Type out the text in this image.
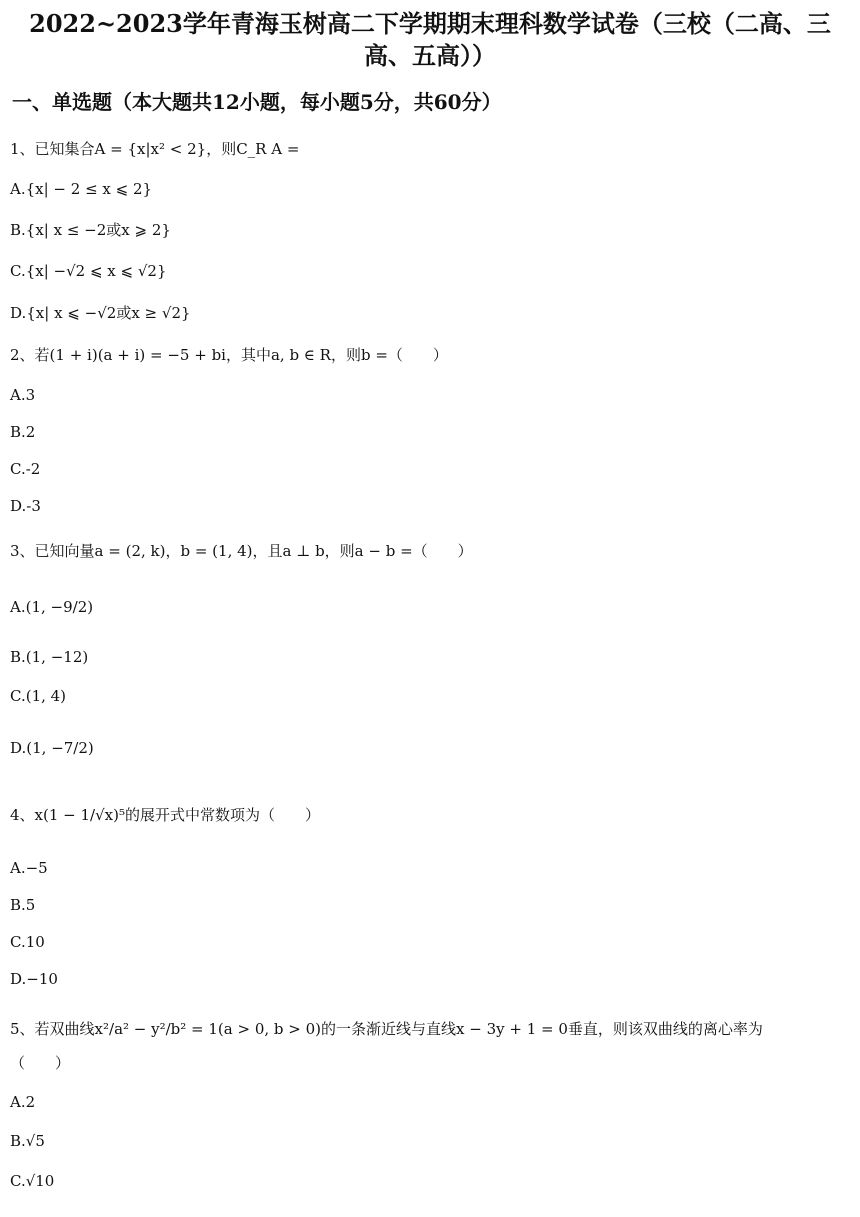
2022~2023学年青海玉树高二下学期期末理科数学试卷（三校（二高、三
高、五高））
一、单选题（本大题共12小题，每小题5分，共60分）
1、已知集合A = {x|x² < 2}，则C_R A =
A.{x| − 2 ≤ x ⩽ 2}
B.{x| x ≤ −2或x ⩾ 2}
C.{x| −√2 ⩽ x ⩽ √2}
D.{x| x ⩽ −√2或x ≥ √2}
2、若(1 + i)(a + i) = −5 + bi，其中a, b ∈ R，则b =（　　）
A.3
B.2
C.-2
D.-3
3、已知向量a = (2, k)，b = (1, 4)，且a ⊥ b，则a − b =（　　）
A.(1, −9/2)
B.(1, −12)
C.(1, 4)
D.(1, −7/2)
4、x(1 − 1/√x)⁵的展开式中常数项为（　　）
A.−5
B.5
C.10
D.−10
5、若双曲线x²/a² − y²/b² = 1(a > 0, b > 0)的一条渐近线与直线x − 3y + 1 = 0垂直，则该双曲线的离心率为
（　　）
A.2
B.√5
C.√10
